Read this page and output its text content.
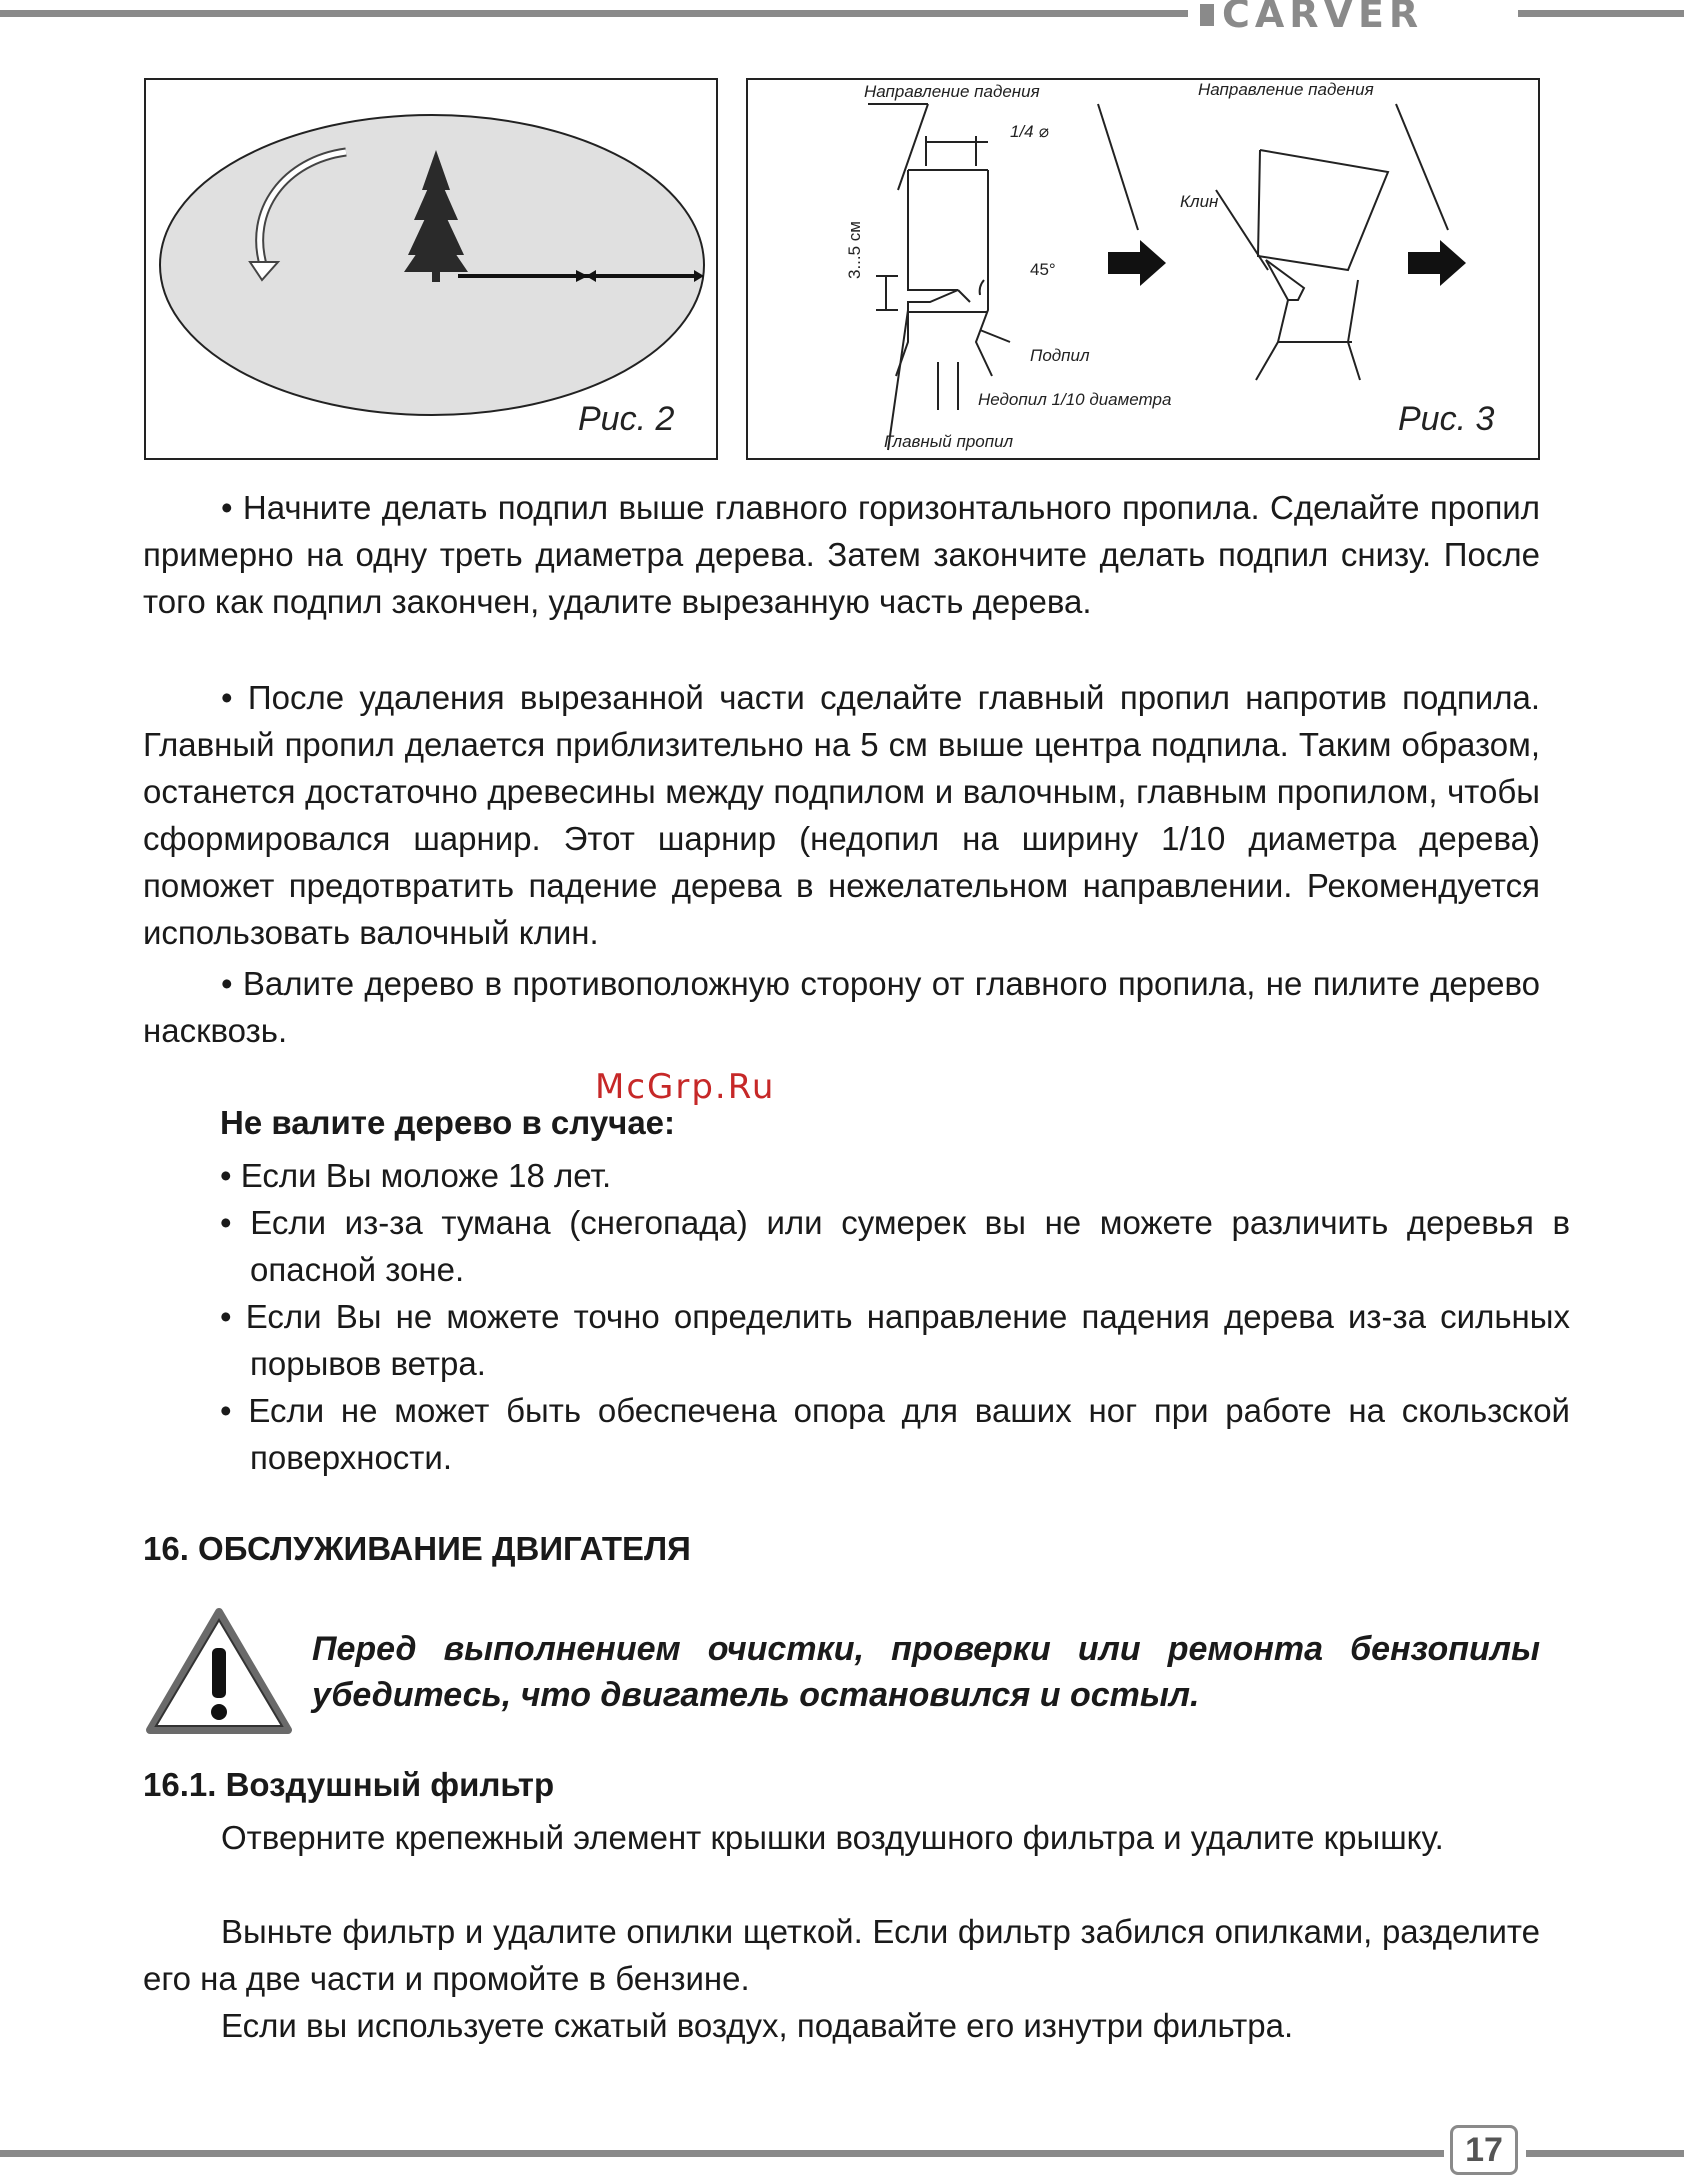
CARVER
Рис. 2
Направление падения	Направление падения
1/4 ⌀
3...5 см	45°
Клин
Подпил
Недопил 1/10 диаметра
Главный пропил
Рис. 3

• Начните делать подпил выше главного горизонтального пропила. Сделайте пропил примерно на одну треть диаметра дерева. Затем закончите делать подпил снизу. После того как подпил закончен, удалите вырезанную часть дерева.

• После удаления вырезанной части сделайте главный пропил напротив подпила. Главный пропил делается приблизительно на 5 см выше центра подпила. Таким образом, останется достаточно древесины между подпилом и валочным, главным пропилом, чтобы сформировался шарнир. Этот шарнир (недопил на ширину 1/10 диаметра дерева) поможет предотвратить падение дерева в нежелательном направлении. Рекомендуется использовать валочный клин.

• Валите дерево в противоположную сторону от главного пропила, не пилите дерево насквозь.

McGrp.Ru
Не валите дерево в случае:

• Если Вы моложе 18 лет.

• Если из-за тумана (снегопада) или сумерек вы не можете различить деревья в опасной зоне.

• Если Вы не можете точно определить направление падения дерева из-за сильных порывов ветра.

• Если не может быть обеспечена опора для ваших ног при работе на скользской поверхности.

16. ОБСЛУЖИВАНИЕ ДВИГАТЕЛЯ

Перед выполнением очистки, проверки или ремонта бензопилы убедитесь, что двигатель остановился и остыл.

16.1. Воздушный фильтр

Отверните крепежный элемент крышки воздушного фильтра и удалите крышку.

Выньте фильтр и удалите опилки щеткой. Если фильтр забился опилками, разделите его на две части и промойте в бензине.

Если вы используете сжатый воздух, подавайте его изнутри фильтра.

17
